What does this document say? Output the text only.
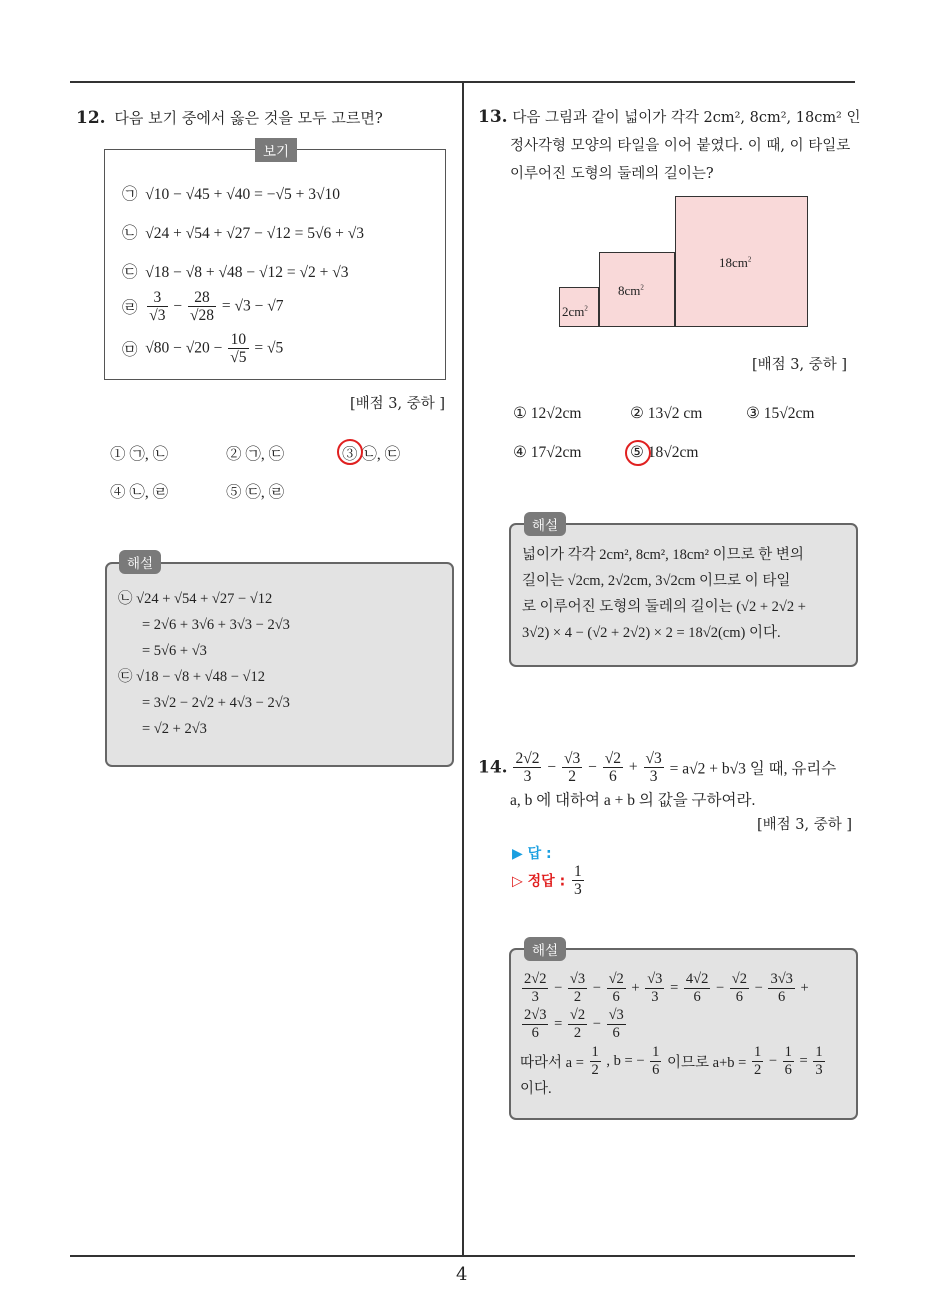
4
12. 다음 보기 중에서 옳은 것을 모두 고르면?
보기
㉠ √10 − √45 + √40 = −√5 + 3√10
㉡ √24 + √54 + √27 − √12 = 5√6 + √3
㉢ √18 − √8 + √48 − √12 = √2 + √3
㉣ $\frac{3}{√3} - \frac{28}{√28} = √3 - √7$
㉤ $√80 - √20 - \frac{10}{√5} = √5$
[배점 3, 중하 ]
① ㉠, ㉡	② ㉠, ㉢	③ ㉡, ㉢
④ ㉡, ㉣	⑤ ㉢, ㉣
해설
㉡ √24 + √54 + √27 − √12
= 2√6 + 3√6 + 3√3 − 2√3
= 5√6 + √3
㉢ √18 − √8 + √48 − √12
= 3√2 − 2√2 + 4√3 − 2√3
= √2 + 2√3
13. 다음 그림과 같이 넓이가 각각 2cm², 8cm², 18cm² 인
정사각형 모양의 타일을 이어 붙였다. 이 때, 이 타일로
이루어진 도형의 둘레의 길이는?
$2cm^2$
$8cm^2$
$18cm^2$
[배점 3, 중하 ]
① 12√2cm	② 13√2 cm	③ 15√2cm
④ 17√2cm	⑤ 18√2cm
해설
넓이가 각각 2cm², 8cm², 18cm² 이므로 한 변의
길이는 √2cm, 2√2cm, 3√2cm 이므로 이 타일
로 이루어진 도형의 둘레의 길이는 (√2 + 2√2 +
3√2) × 4 − (√2 + 2√2) × 2 = 18√2(cm) 이다.
14. $\frac{2√2}{3} - \frac{√3}{2} - \frac{√2}{6} + \frac{√3}{3} = a√2 + b√3$ 일 때, 유리수
a, b 에 대하여 a + b 의 값을 구하여라.
[배점 3, 중하 ]
▶ 답 :
▷ 정답 : $\frac{1}{3}$
해설
$\frac{2√2}{3} - \frac{√3}{2} - \frac{√2}{6} + \frac{√3}{3} = \frac{4√2}{6} - \frac{√2}{6} - \frac{3√3}{6}$ +
$\frac{2√3}{6} = \frac{√2}{2} - \frac{√3}{6}$
따라서 $a = \frac{1}{2}$ , b = − $\frac{1}{6}$ 이므로 $a+b = \frac{1}{2} - \frac{1}{6} = \frac{1}{3}$
이다.
